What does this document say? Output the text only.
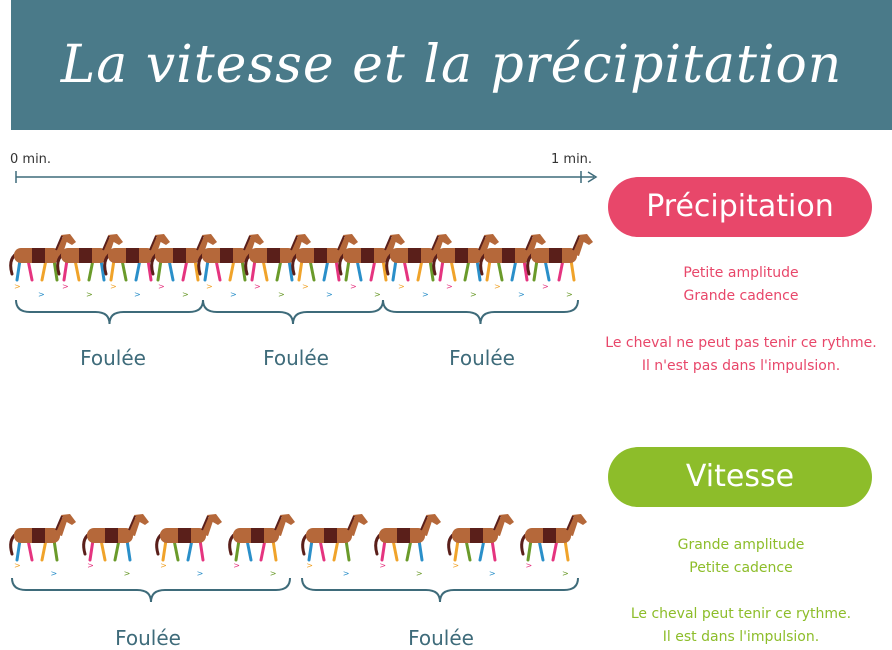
La vitesse et la précipitation
0 min.	1 min.
>
>
>
>
>
>
>
>
>
>
>
>
>
>
>
>
>
>
>
>
>
>
>
>
>
>
>
>
>
>
>
>
>
>
>
>
>
>
>
>
Précipitation
Petite amplitude
Grande cadence
Le cheval ne peut pas tenir ce rythme.
Il n'est pas dans l'impulsion.
Vitesse
Grande amplitude
Petite cadence
Le cheval peut tenir ce rythme.
Il est dans l'impulsion.
Foulée	Foulée	Foulée
Foulée	Foulée
